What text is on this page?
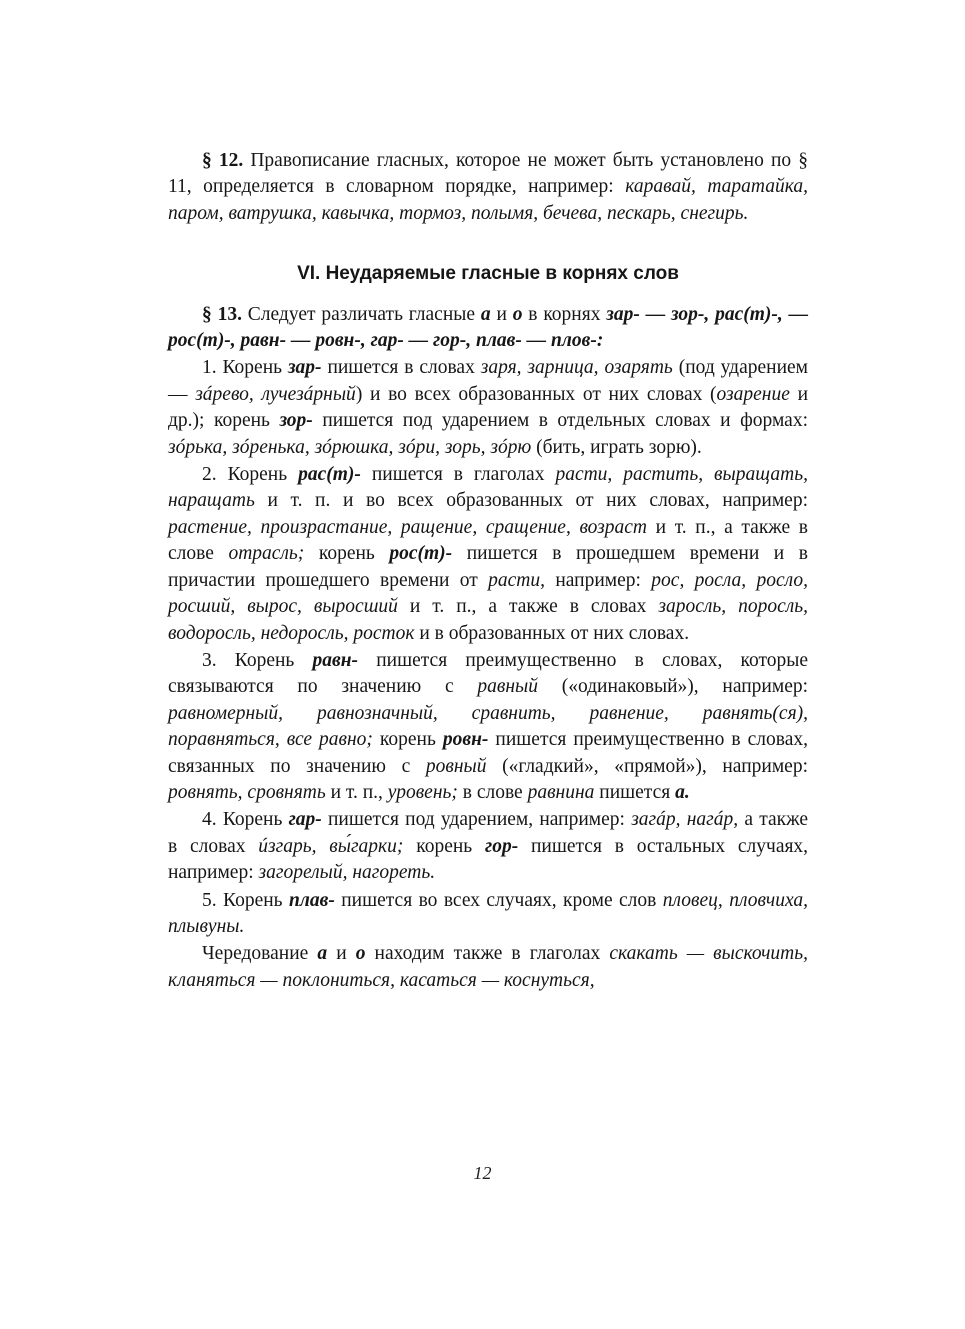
§ 12. Правописание гласных, которое не может быть установлено по § 11, определяется в словарном порядке, например: каравай, таратайка, паром, ватрушка, кавычка, тормоз, полымя, бечева, пескарь, снегирь.

VI. Неударяемые гласные в корнях слов

§ 13. Следует различать гласные а и о в корнях зар- — зор-, рас(т)-, — рос(т)-, равн- — ровн-, гар- — гор-, плав- — плов-:

1. Корень зар- пишется в словах заря, зарница, озарять (под ударением — зáрево, лучезáрный) и во всех образованных от них словах (озарение и др.); корень зор- пишется под ударением в отдельных словах и формах: зóрька, зóренька, зóрюшка, зóри, зорь, зóрю (бить, играть зорю).

2. Корень рас(т)- пишется в глаголах расти, растить, выращать, наращать и т. п. и во всех образованных от них словах, например: растение, произрастание, ращение, сращение, возраст и т. п., а также в слове отрасль; корень рос(т)- пишется в прошедшем времени и в причастии прошедшего времени от расти, например: рос, росла, росло, росший, вырос, выросший и т. п., а также в словах заросль, поросль, водоросль, недоросль, росток и в образованных от них словах.

3. Корень равн- пишется преимущественно в словах, которые связываются по значению с равный («одинаковый»), например: равномерный, равнозначный, сравнить, равнение, равнять(ся), поравняться, все равно; корень ровн- пишется преимущественно в словах, связанных по значению с ровный («гладкий», «прямой»), например: ровнять, сровнять и т. п., уровень; в слове равнина пишется а.

4. Корень гар- пишется под ударением, например: загáр, нагáр, а также в словах úзгарь, вы́гарки; корень гор- пишется в остальных случаях, например: загорелый, нагореть.

5. Корень плав- пишется во всех случаях, кроме слов пловец, пловчиха, плывуны.

Чередование а и о находим также в глаголах скакать — выскочить, кланяться — поклониться, касаться — коснуться,

12
